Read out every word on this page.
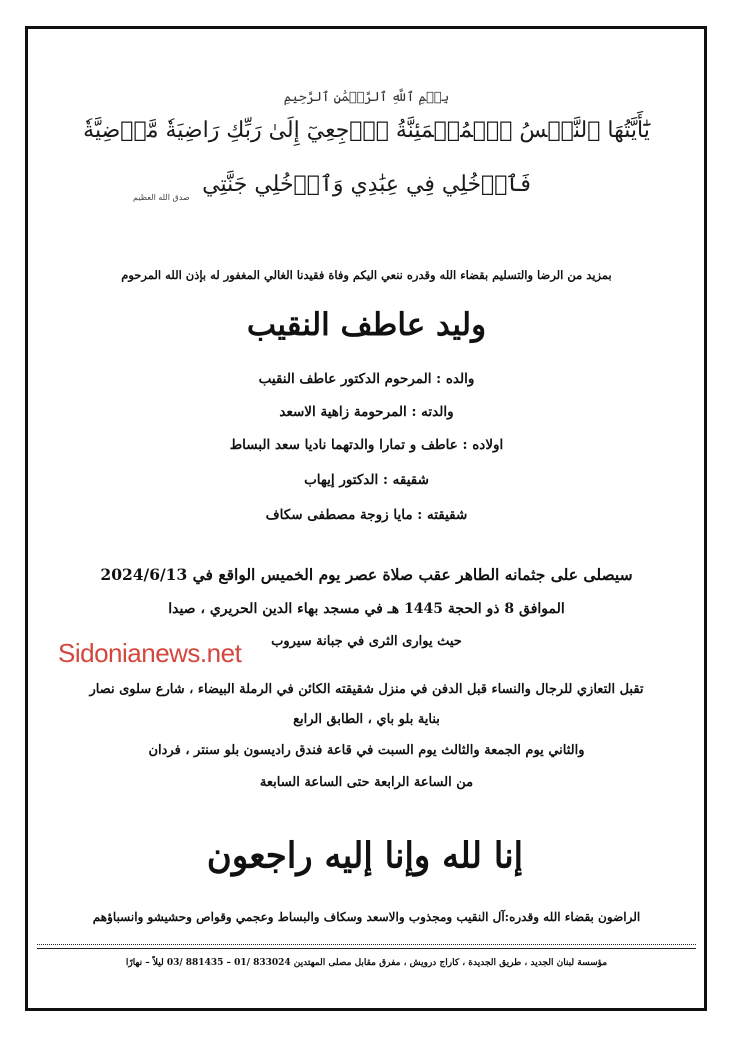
بِسۡمِ ٱللَّهِ ٱلرَّحۡمَٰنِ ٱلرَّحِيمِ
يَٰٓأَيَّتُهَا ٱلنَّفۡسُ ٱلۡمُطۡمَئِنَّةُ ٱرۡجِعِيٓ إِلَىٰ رَبِّكِ رَاضِيَةٗ مَّرۡضِيَّةٗ
فَٱدۡخُلِي فِي عِبَٰدِي وَٱدۡخُلِي جَنَّتِي
صدق الله العظيم
بمزيد من الرضا والتسليم بقضاء الله وقدره ننعي اليكم وفاة فقيدنا الغالي المغفور له بإذن الله المرحوم
وليد عاطف النقيب
والده : المرحوم الدكتور عاطف النقيب
والدته : المرحومة زاهية الاسعد
اولاده : عاطف و تمارا والدتهما ناديا سعد البساط
شقيقه : الدكتور إيهاب
شقيقته : مايا زوجة مصطفى سكاف
سيصلى على جثمانه الطاهر عقب صلاة عصر يوم الخميس الواقع في 2024/6/13
الموافق 8 ذو الحجة 1445 هـ في مسجد بهاء الدين الحريري ، صيدا
حيث يوارى الثرى في جبانة سيروب
Sidonianews.net
تقبل التعازي للرجال والنساء قبل الدفن في منزل شقيقته الكائن في الرملة البيضاء ، شارع سلوى نصار
بناية بلو باي ، الطابق الرابع
والثاني يوم الجمعة والثالث يوم السبت في قاعة فندق راديسون بلو سنتر ، فردان
من الساعة الرابعة حتى الساعة السابعة
إنا لله وإنا إليه راجعون
الراضون بقضاء الله وقدره:آل النقيب ومجذوب والاسعد وسكاف والبساط وعجمي وقواص وحشيشو وانسباؤهم
مؤسسة لبنان الجديد ، طريق الجديدة ، كاراج درويش ، مفرق مقابل مصلى المهتدين 833024 /01 – 881435 /03 ليلاً – نهارًا
